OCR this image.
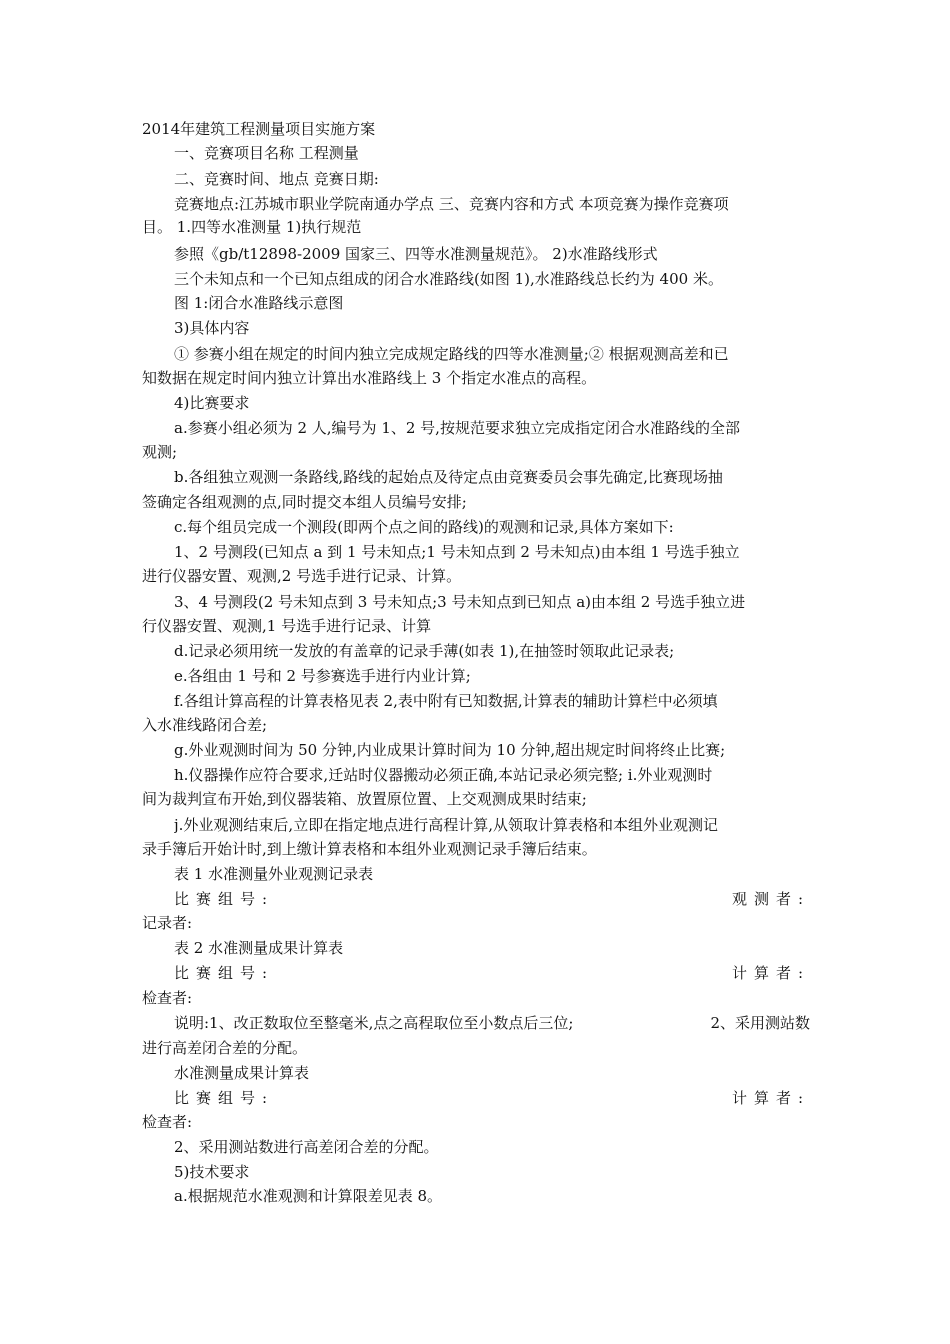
2014年建筑工程测量项目实施方案
一、竞赛项目名称 工程测量
二、竞赛时间、地点 竞赛日期:
竞赛地点:江苏城市职业学院南通办学点 三、竞赛内容和方式 本项竞赛为操作竞赛项
目。 1.四等水准测量 1)执行规范
参照《gb/t12898-2009 国家三、四等水准测量规范》。 2)水准路线形式
三个未知点和一个已知点组成的闭合水准路线(如图 1),水准路线总长约为 400 米。
图 1:闭合水准路线示意图
3)具体内容
① 参赛小组在规定的时间内独立完成规定路线的四等水准测量;② 根据观测高差和已
知数据在规定时间内独立计算出水准路线上 3 个指定水准点的高程。
4)比赛要求
a.参赛小组必须为 2 人,编号为 1、2 号,按规范要求独立完成指定闭合水准路线的全部
观测;
b.各组独立观测一条路线,路线的起始点及待定点由竞赛委员会事先确定,比赛现场抽
签确定各组观测的点,同时提交本组人员编号安排;
c.每个组员完成一个测段(即两个点之间的路线)的观测和记录,具体方案如下:
1、2 号测段(已知点 a 到 1 号未知点;1 号未知点到 2 号未知点)由本组 1 号选手独立
进行仪器安置、观测,2 号选手进行记录、计算。
3、4 号测段(2 号未知点到 3 号未知点;3 号未知点到已知点 a)由本组 2 号选手独立进
行仪器安置、观测,1 号选手进行记录、计算
d.记录必须用统一发放的有盖章的记录手薄(如表 1),在抽签时领取此记录表;
e.各组由 1 号和 2 号参赛选手进行内业计算;
f.各组计算高程的计算表格见表 2,表中附有已知数据,计算表的辅助计算栏中必须填
入水准线路闭合差;
g.外业观测时间为 50 分钟,内业成果计算时间为 10 分钟,超出规定时间将终止比赛;
h.仪器操作应符合要求,迁站时仪器搬动必须正确,本站记录必须完整; i.外业观测时
间为裁判宣布开始,到仪器装箱、放置原位置、上交观测成果时结束;
j.外业观测结束后,立即在指定地点进行高程计算,从领取计算表格和本组外业观测记
录手簿后开始计时,到上缴计算表格和本组外业观测记录手簿后结束。
表 1 水准测量外业观测记录表
比赛组号:	观测者:
记录者:
表 2 水准测量成果计算表
比赛组号:	计算者:
检查者:
说明:1、改正数取位至整毫米,点之高程取位至小数点后三位;	2、采用测站数
进行高差闭合差的分配。
水准测量成果计算表
比赛组号:	计算者:
检查者:
2、采用测站数进行高差闭合差的分配。
5)技术要求
a.根据规范水准观测和计算限差见表 8。
